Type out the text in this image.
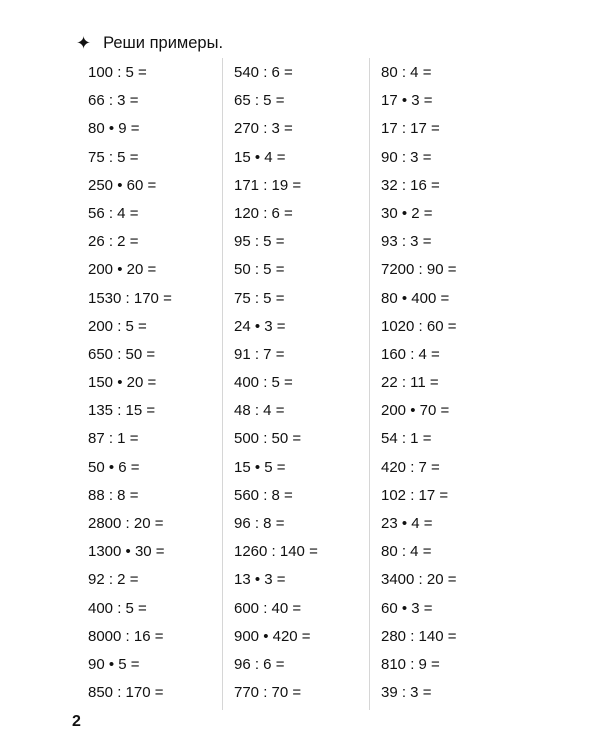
✦ Реши примеры.
100 : 5 =
66 : 3 =
80 • 9 =
75 : 5 =
250 • 60 =
56 : 4 =
26 : 2 =
200 • 20 =
1530 : 170 =
200 : 5 =
650 : 50 =
150 • 20 =
135 : 15 =
87 : 1 =
50 • 6 =
88 : 8 =
2800 : 20 =
1300 • 30 =
92 : 2 =
400 : 5 =
8000 : 16 =
90 • 5 =
850 : 170 =
540 : 6 =
65 : 5 =
270 : 3 =
15 • 4 =
171 : 19 =
120 : 6 =
95 : 5 =
50 : 5 =
75 : 5 =
24 • 3 =
91 : 7 =
400 : 5 =
48 : 4 =
500 : 50 =
15 • 5 =
560 : 8 =
96 : 8 =
1260 : 140 =
13 • 3 =
600 : 40 =
900 • 420 =
96 : 6 =
770 : 70 =
80 : 4 =
17 • 3 =
17 : 17 =
90 : 3 =
32 : 16 =
30 • 2 =
93 : 3 =
7200 : 90 =
80 • 400 =
1020 : 60 =
160 : 4 =
22 : 11 =
200 • 70 =
54 : 1 =
420 : 7 =
102 : 17 =
23 • 4 =
80 : 4 =
3400 : 20 =
60 • 3 =
280 : 140 =
810 : 9 =
39 : 3 =
2
